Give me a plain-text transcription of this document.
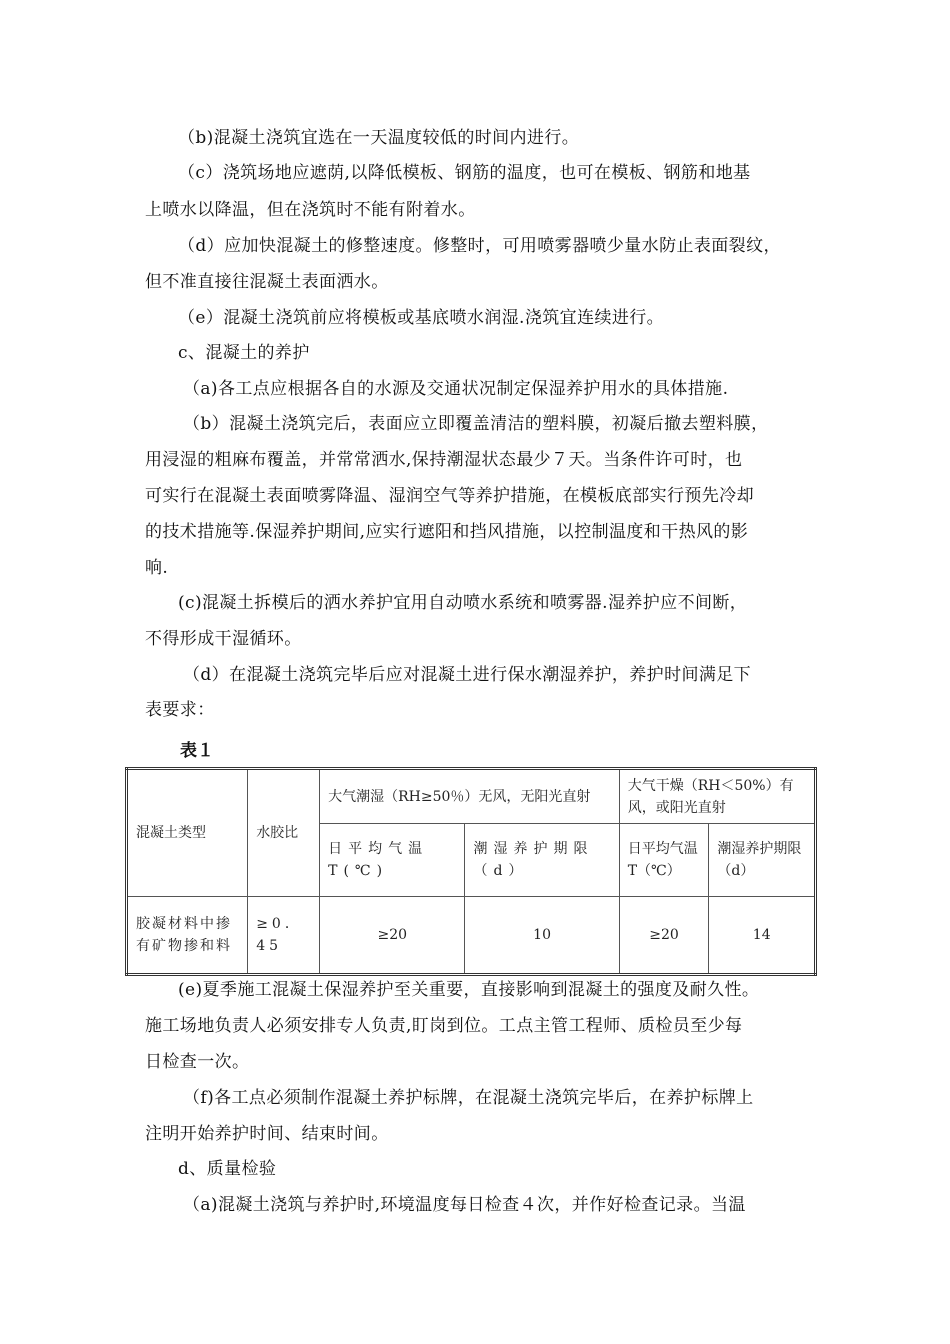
（b)混凝土浇筑宜选在一天温度较低的时间内进行。
（c）浇筑场地应遮荫,以降低模板、钢筋的温度，也可在模板、钢筋和地基
上喷水以降温，但在浇筑时不能有附着水。
（d）应加快混凝土的修整速度。修整时，可用喷雾器喷少量水防止表面裂纹，
但不准直接往混凝土表面洒水。
（e）混凝土浇筑前应将模板或基底喷水润湿.浇筑宜连续进行。
c、混凝土的养护
（a)各工点应根据各自的水源及交通状况制定保湿养护用水的具体措施.
（b）混凝土浇筑完后，表面应立即覆盖清洁的塑料膜，初凝后撤去塑料膜，
用浸湿的粗麻布覆盖，并常常洒水,保持潮湿状态最少７天。当条件许可时，也
可实行在混凝土表面喷雾降温、湿润空气等养护措施，在模板底部实行预先冷却
的技术措施等.保湿养护期间,应实行遮阳和挡风措施，以控制温度和干热风的影
响.
(c)混凝土拆模后的洒水养护宜用自动喷水系统和喷雾器.湿养护应不间断，
不得形成干湿循环。
（d）在混凝土浇筑完毕后应对混凝土进行保水潮湿养护，养护时间满足下
表要求：
表１
混凝土类型	水胶比	大气潮湿（RH≥50％）无风，无阳光直射		大气干燥（RH＜50%）有风，或阳光直射	
		日平均气温T(℃)	潮湿养护期限（d）	日平均气温T（℃）	潮湿养护期限（d）
胶凝材料中掺有矿物掺和料	≥0．45	≥20	10	≥20	14
(e)夏季施工混凝土保湿养护至关重要，直接影响到混凝土的强度及耐久性。
施工场地负责人必须安排专人负责,盯岗到位。工点主管工程师、质检员至少每
日检查一次。
（f)各工点必须制作混凝土养护标牌，在混凝土浇筑完毕后，在养护标牌上
注明开始养护时间、结束时间。
d、质量检验
（a)混凝土浇筑与养护时,环境温度每日检查４次，并作好检查记录。当温
